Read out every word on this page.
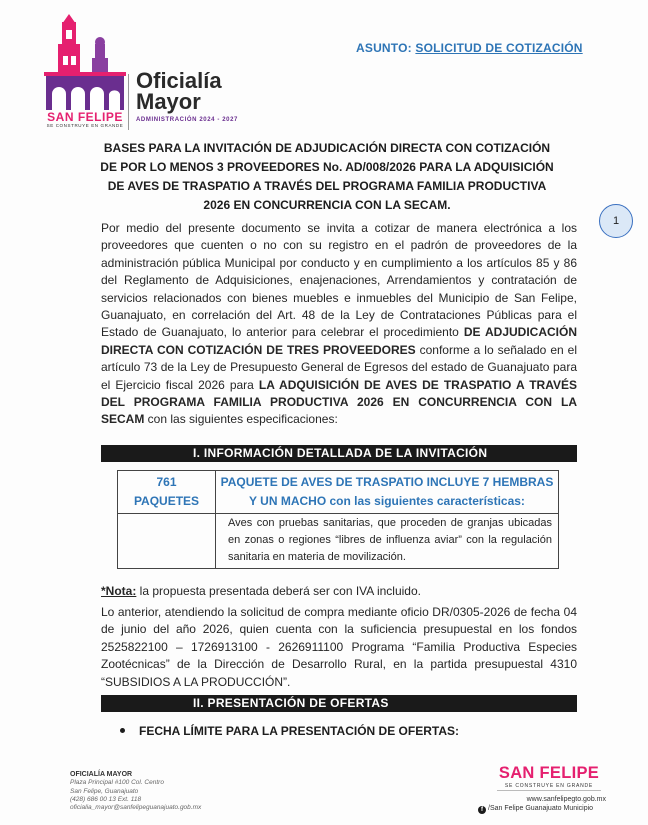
SAN FELIPE
SE CONSTRUYE EN GRANDE
Oficialía
Mayor
ADMINISTRACIÓN 2024 - 2027
ASUNTO: SOLICITUD DE COTIZACIÓN
BASES PARA LA INVITACIÓN DE ADJUDICACIÓN DIRECTA CON COTIZACIÓN DE POR LO MENOS 3 PROVEEDORES No. AD/008/2026 PARA LA ADQUISICIÓN DE AVES DE TRASPATIO A TRAVÉS DEL PROGRAMA FAMILIA PRODUCTIVA 2026 EN CONCURRENCIA CON LA SECAM.
1
Por medio del presente documento se invita a cotizar de manera electrónica a los proveedores que cuenten o no con su registro en el padrón de proveedores de la administración pública Municipal por conducto y en cumplimiento a los artículos 85 y 86 del Reglamento de Adquisiciones, enajenaciones, Arrendamientos y contratación de servicios relacionados con bienes muebles e inmuebles del Municipio de San Felipe, Guanajuato, en correlación del Art. 48 de la Ley de Contrataciones Públicas para el Estado de Guanajuato, lo anterior para celebrar el procedimiento DE ADJUDICACIÓN DIRECTA CON COTIZACIÓN DE TRES PROVEEDORES conforme a lo señalado en el artículo 73 de la Ley de Presupuesto General de Egresos del estado de Guanajuato para el Ejercicio fiscal 2026 para LA ADQUISICIÓN DE AVES DE TRASPATIO A TRAVÉS DEL PROGRAMA FAMILIA PRODUCTIVA 2026 EN CONCURRENCIA CON LA SECAM con las siguientes especificaciones:
I. INFORMACIÓN DETALLADA DE LA INVITACIÓN
761
PAQUETES	PAQUETE DE AVES DE TRASPATIO INCLUYE 7 HEMBRAS Y UN MACHO con las siguientes características:
	Aves con pruebas sanitarias, que proceden de granjas ubicadas en zonas o regiones “libres de influenza aviar” con la regulación sanitaria en materia de movilización.
*Nota: la propuesta presentada deberá ser con IVA incluido.
Lo anterior, atendiendo la solicitud de compra mediante oficio DR/0305-2026 de fecha 04 de junio del año 2026, quien cuenta con la suficiencia presupuestal en los fondos 2525822100 – 1726913100 - 2626911100 Programa “Familia Productiva Especies Zootécnicas” de la Dirección de Desarrollo Rural, en la partida presupuestal 4310 “SUBSIDIOS A LA PRODUCCIÓN”.
II. PRESENTACIÓN DE OFERTAS
FECHA LÍMITE PARA LA PRESENTACIÓN DE OFERTAS:
OFICIALÍA MAYOR
Plaza Principal #100 Col. Centro
San Felipe, Guanajuato
(428) 686 00 13 Ext. 118
oficialia_mayor@sanfelipeguanajuato.gob.mx
SAN FELIPE
SE CONSTRUYE EN GRANDE
www.sanfelipegto.gob.mx
f /San Felipe Guanajuato Municipio
